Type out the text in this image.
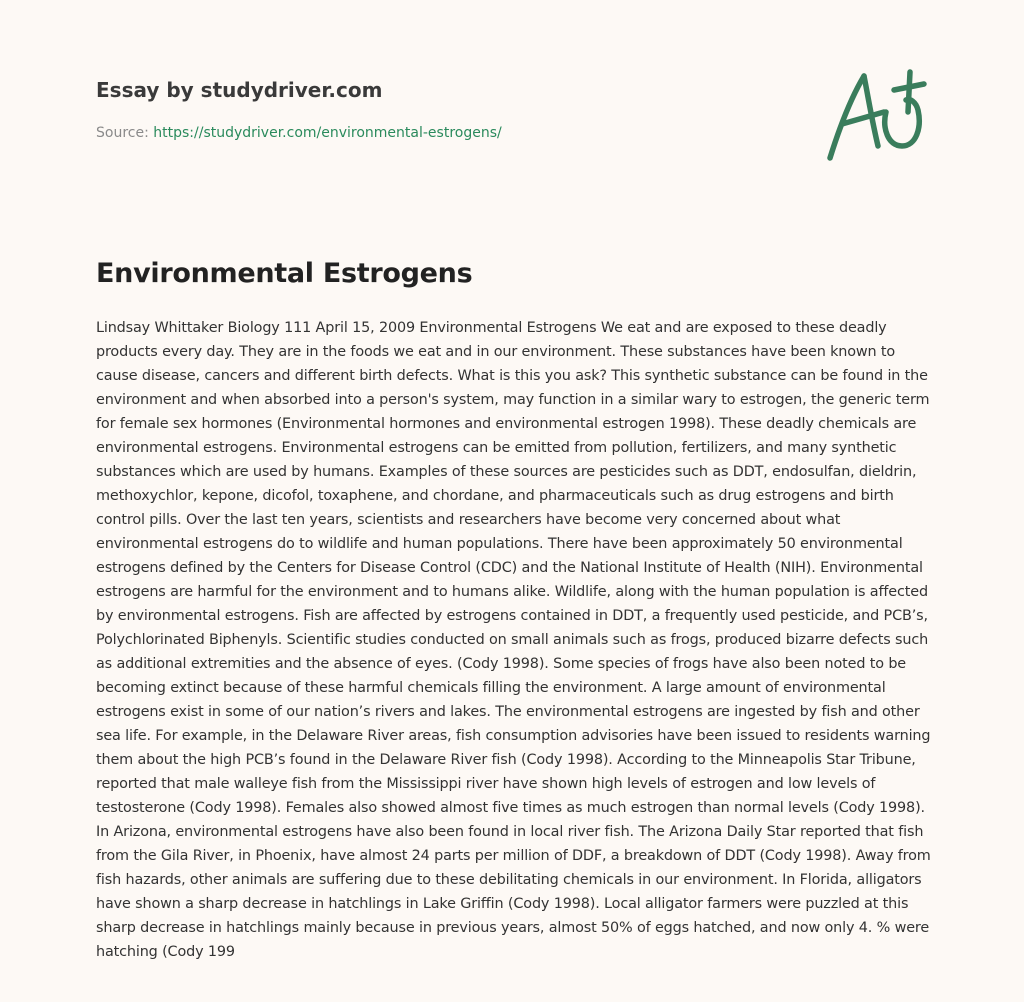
Essay by studydriver.com
Source: https://studydriver.com/environmental-estrogens/
Environmental Estrogens

Lindsay Whittaker Biology 111 April 15, 2009 Environmental Estrogens We eat and are exposed to these deadly products every day. They are in the foods we eat and in our environment. These substances have been known to cause disease, cancers and different birth defects. What is this you ask? This synthetic substance can be found in the environment and when absorbed into a person's system, may function in a similar wary to estrogen, the generic term for female sex hormones (Environmental hormones and environmental estrogen 1998). These deadly chemicals are environmental estrogens. Environmental estrogens can be emitted from pollution, fertilizers, and many synthetic substances which are used by humans. Examples of these sources are pesticides such as DDT, endosulfan, dieldrin, methoxychlor, kepone, dicofol, toxaphene, and chordane, and pharmaceuticals such as drug estrogens and birth control pills. Over the last ten years, scientists and researchers have become very concerned about what environmental estrogens do to wildlife and human populations. There have been approximately 50 environmental estrogens defined by the Centers for Disease Control (CDC) and the National Institute of Health (NIH). Environmental estrogens are harmful for the environment and to humans alike. Wildlife, along with the human population is affected by environmental estrogens. Fish are affected by estrogens contained in DDT, a frequently used pesticide, and PCB’s, Polychlorinated Biphenyls. Scientific studies conducted on small animals such as frogs, produced bizarre defects such as additional extremities and the absence of eyes. (Cody 1998). Some species of frogs have also been noted to be becoming extinct because of these harmful chemicals filling the environment. A large amount of environmental estrogens exist in some of our nation’s rivers and lakes. The environmental estrogens are ingested by fish and other sea life. For example, in the Delaware River areas, fish consumption advisories have been issued to residents warning them about the high PCB’s found in the Delaware River fish (Cody 1998). According to the Minneapolis Star Tribune, reported that male walleye fish from the Mississippi river have shown high levels of estrogen and low levels of testosterone (Cody 1998). Females also showed almost five times as much estrogen than normal levels (Cody 1998). In Arizona, environmental estrogens have also been found in local river fish. The Arizona Daily Star reported that fish from the Gila River, in Phoenix, have almost 24 parts per million of DDF, a breakdown of DDT (Cody 1998). Away from fish hazards, other animals are suffering due to these debilitating chemicals in our environment. In Florida, alligators have shown a sharp decrease in hatchlings in Lake Griffin (Cody 1998). Local alligator farmers were puzzled at this sharp decrease in hatchlings mainly because in previous years, almost 50% of eggs hatched, and now only 4. % were hatching (Cody 199
